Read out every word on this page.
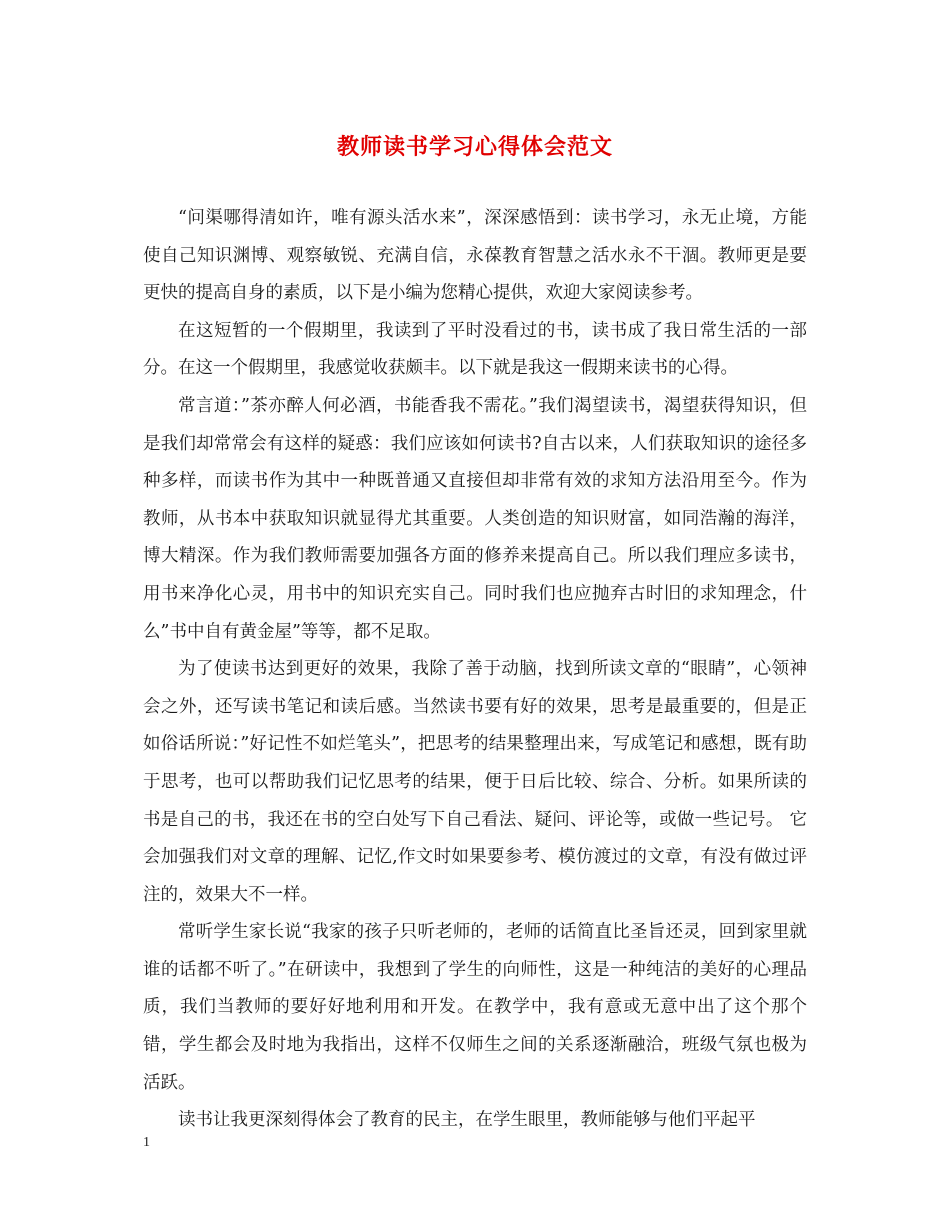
教师读书学习心得体会范文

“问渠哪得清如许，唯有源头活水来”，深深感悟到：读书学习，永无止境，方能使自己知识渊博、观察敏锐、充满自信，永葆教育智慧之活水永不干涸。教师更是要更快的提高自身的素质，以下是小编为您精心提供，欢迎大家阅读参考。

在这短暂的一个假期里，我读到了平时没看过的书，读书成了我日常生活的一部分。在这一个假期里，我感觉收获颇丰。以下就是我这一假期来读书的心得。

常言道：”茶亦醉人何必酒，书能香我不需花。”我们渴望读书，渴望获得知识，但是我们却常常会有这样的疑惑：我们应该如何读书?自古以来，人们获取知识的途径多种多样，而读书作为其中一种既普通又直接但却非常有效的求知方法沿用至今。作为教师，从书本中获取知识就显得尤其重要。人类创造的知识财富，如同浩瀚的海洋，博大精深。作为我们教师需要加强各方面的修养来提高自己。所以我们理应多读书，用书来净化心灵，用书中的知识充实自己。同时我们也应抛弃古时旧的求知理念，什么”书中自有黄金屋”等等，都不足取。

为了使读书达到更好的效果，我除了善于动脑，找到所读文章的“眼睛”，心领神会之外，还写读书笔记和读后感。当然读书要有好的效果，思考是最重要的，但是正如俗话所说：”好记性不如烂笔头”，把思考的结果整理出来，写成笔记和感想，既有助于思考，也可以帮助我们记忆思考的结果，便于日后比较、综合、分析。如果所读的书是自己的书，我还在书的空白处写下自己看法、疑问、评论等，或做一些记号。 它会加强我们对文章的理解、记忆,作文时如果要参考、模仿渡过的文章，有没有做过评注的，效果大不一样。

常听学生家长说“我家的孩子只听老师的，老师的话简直比圣旨还灵，回到家里就谁的话都不听了。”在研读中，我想到了学生的向师性，这是一种纯洁的美好的心理品质，我们当教师的要好好地利用和开发。在教学中，我有意或无意中出了这个那个错，学生都会及时地为我指出，这样不仅师生之间的关系逐渐融洽，班级气氛也极为活跃。

读书让我更深刻得体会了教育的民主，在学生眼里，教师能够与他们平起平

1
